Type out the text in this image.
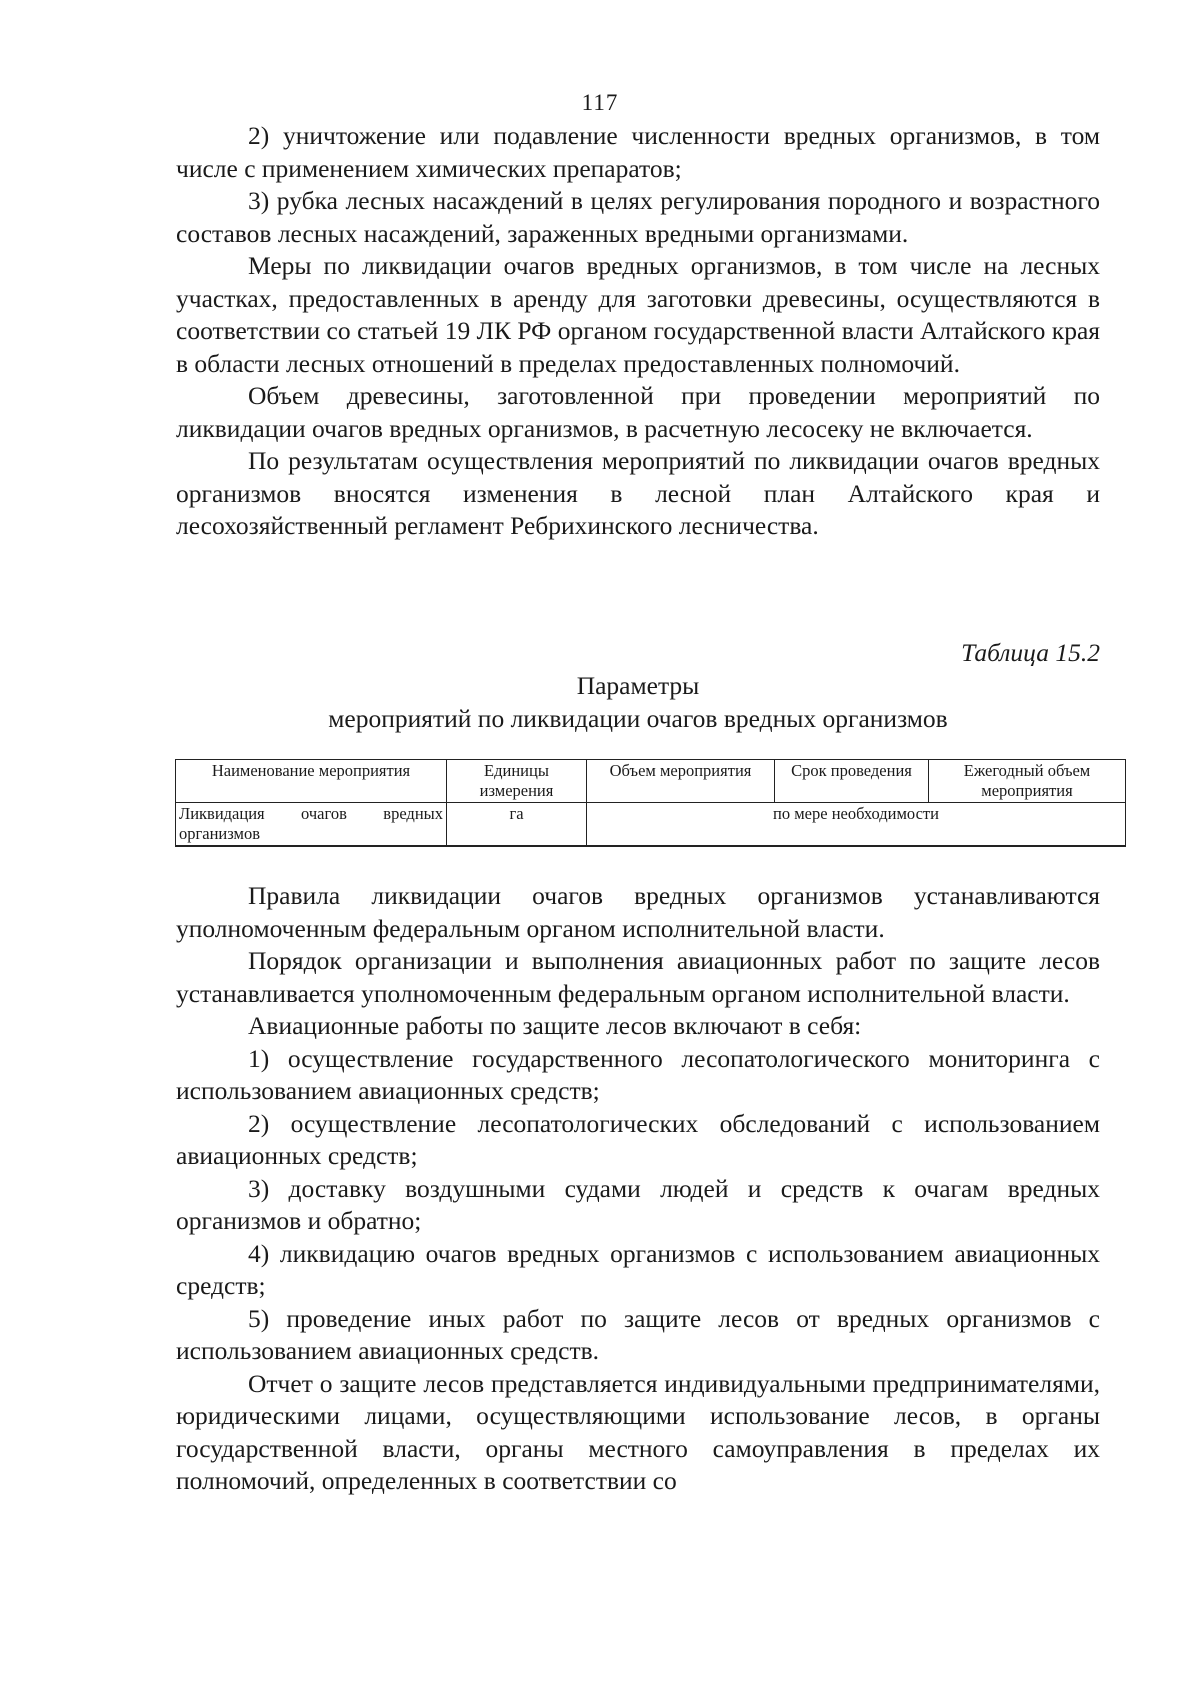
117

2) уничтожение или подавление численности вредных организмов, в том числе с применением химических препаратов;

3) рубка лесных насаждений в целях регулирования породного и возрастного составов лесных насаждений, зараженных вредными организмами.

Меры по ликвидации очагов вредных организмов, в том числе на лесных участках, предоставленных в аренду для заготовки древесины, осуществляются в соответствии со статьей 19 ЛК РФ органом государственной власти Алтайского края в области лесных отношений в пределах предоставленных полномочий.

Объем древесины, заготовленной при проведении мероприятий по ликвидации очагов вредных организмов, в расчетную лесосеку не включается.

По результатам осуществления мероприятий по ликвидации очагов вредных организмов вносятся изменения в лесной план Алтайского края и лесохозяйственный регламент Ребрихинского лесничества.

Таблица 15.2
Параметры
мероприятий по ликвидации очагов вредных организмов
Наименование мероприятия	Единицы измерения	Объем мероприятия	Срок проведения	Ежегодный объем мероприятия
Ликвидация очагов вредных организмов	га	по мере необходимости		

Правила ликвидации очагов вредных организмов устанавливаются уполномоченным федеральным органом исполнительной власти.

Порядок организации и выполнения авиационных работ по защите лесов устанавливается уполномоченным федеральным органом исполнительной власти.

Авиационные работы по защите лесов включают в себя:

1) осуществление государственного лесопатологического мониторинга с использованием авиационных средств;

2) осуществление лесопатологических обследований с использованием авиационных средств;

3) доставку воздушными судами людей и средств к очагам вредных организмов и обратно;

4) ликвидацию очагов вредных организмов с использованием авиационных средств;

5) проведение иных работ по защите лесов от вредных организмов с использованием авиационных средств.

Отчет о защите лесов представляется индивидуальными предпринимателями, юридическими лицами, осуществляющими использование лесов, в органы государственной власти, органы местного самоуправления в пределах их полномочий, определенных в соответствии со
